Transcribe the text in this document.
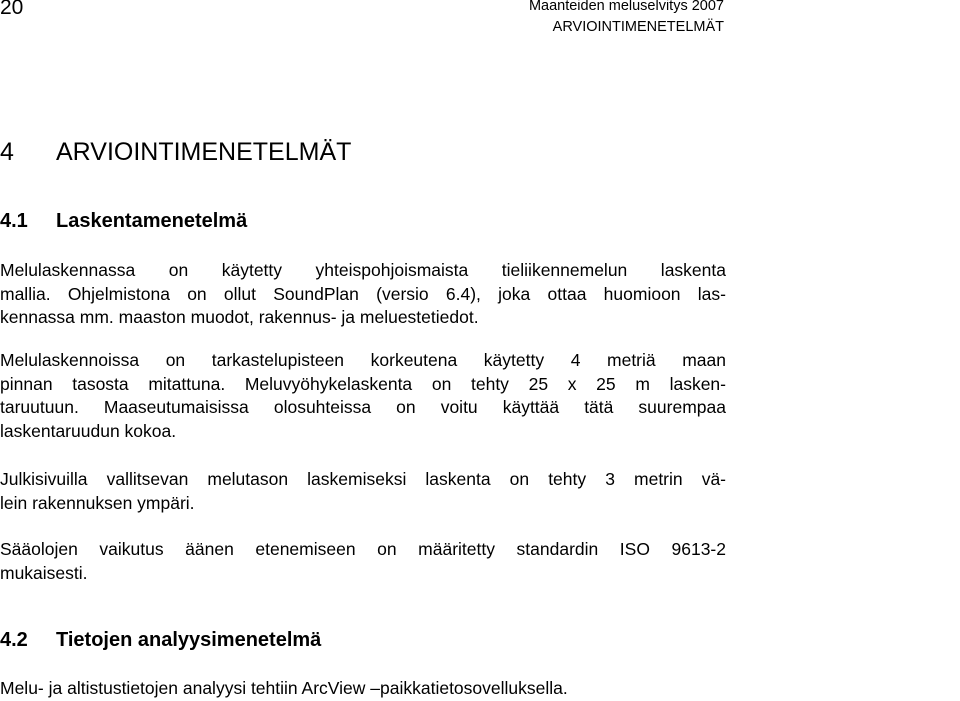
20	Maanteiden meluselvitys 2007
ARVIOINTIMENETELMÄT
4 ARVIOINTIMENETELMÄT
4.1 Laskentamenetelmä

Melulaskennassa on käytetty yhteispohjoismaista tieliikennemelun laskenta
mallia. Ohjelmistona on ollut SoundPlan (versio 6.4), joka ottaa huomioon las-
kennassa mm. maaston muodot, rakennus- ja meluestetiedot.

Melulaskennoissa on tarkastelupisteen korkeutena käytetty 4 metriä maan
pinnan tasosta mitattuna. Meluvyöhykelaskenta on tehty 25 x 25 m lasken-
taruutuun. Maaseutumaisissa olosuhteissa on voitu käyttää tätä suurempaa
laskentaruudun kokoa.

Julkisivuilla vallitsevan melutason laskemiseksi laskenta on tehty 3 metrin vä-
lein rakennuksen ympäri.

Sääolojen vaikutus äänen etenemiseen on määritetty standardin ISO 9613-2
mukaisesti.

4.2 Tietojen analyysimenetelmä

Melu- ja altistustietojen analyysi tehtiin ArcView –paikkatietosovelluksella.
